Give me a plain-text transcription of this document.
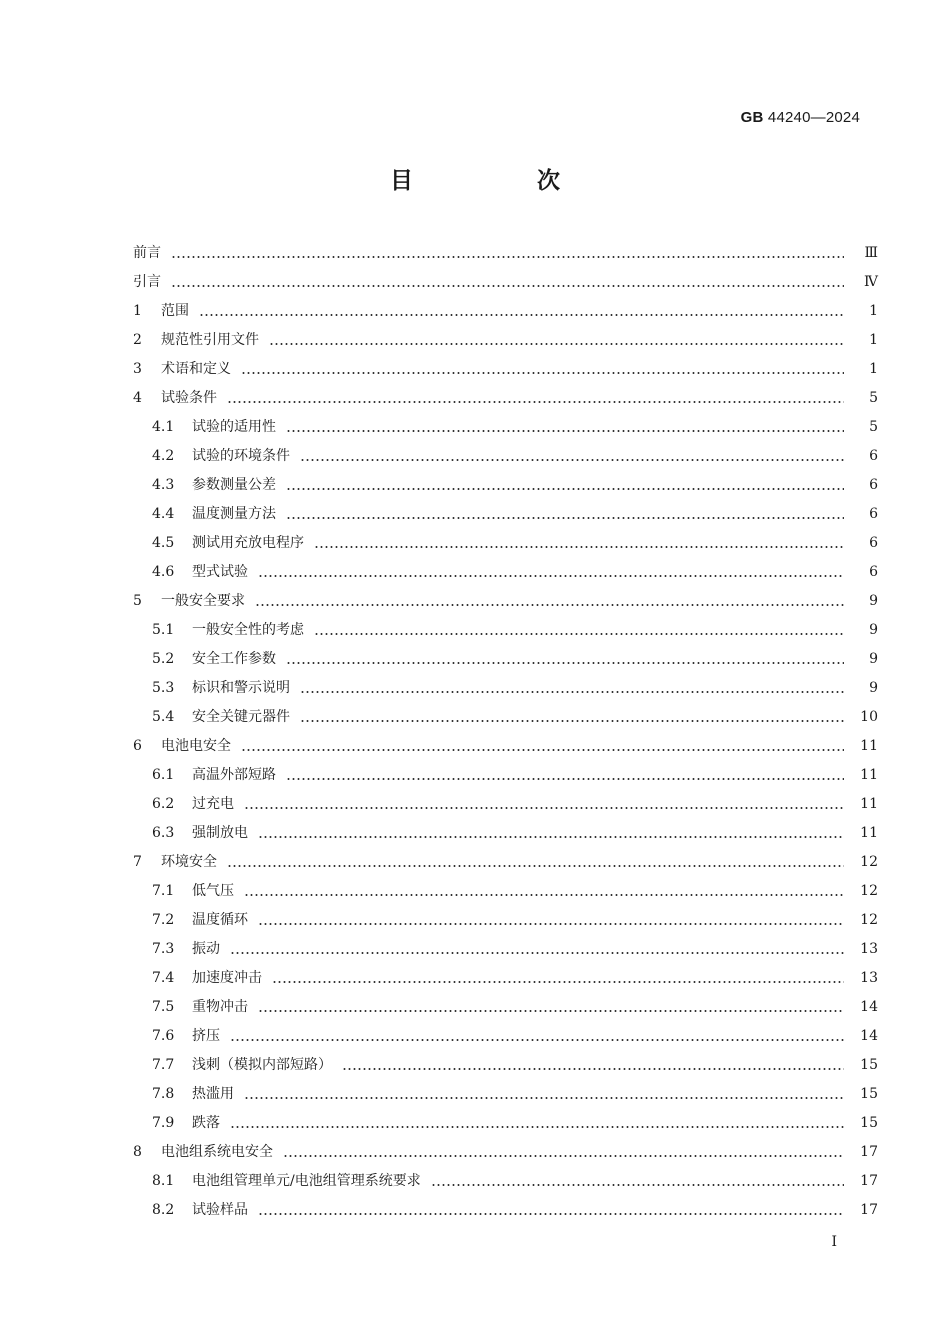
GB 44240—2024
目 次
前言	Ⅲ
引言	Ⅳ
1	范围	1
2	规范性引用文件	1
3	术语和定义	1
4	试验条件	5
4.1	试验的适用性	5
4.2	试验的环境条件	6
4.3	参数测量公差	6
4.4	温度测量方法	6
4.5	测试用充放电程序	6
4.6	型式试验	6
5	一般安全要求	9
5.1	一般安全性的考虑	9
5.2	安全工作参数	9
5.3	标识和警示说明	9
5.4	安全关键元器件	10
6	电池电安全	11
6.1	高温外部短路	11
6.2	过充电	11
6.3	强制放电	11
7	环境安全	12
7.1	低气压	12
7.2	温度循环	12
7.3	振动	13
7.4	加速度冲击	13
7.5	重物冲击	14
7.6	挤压	14
7.7	浅刺（模拟内部短路）	15
7.8	热滥用	15
7.9	跌落	15
8	电池组系统电安全	17
8.1	电池组管理单元/电池组管理系统要求	17
8.2	试验样品	17
Ⅰ
